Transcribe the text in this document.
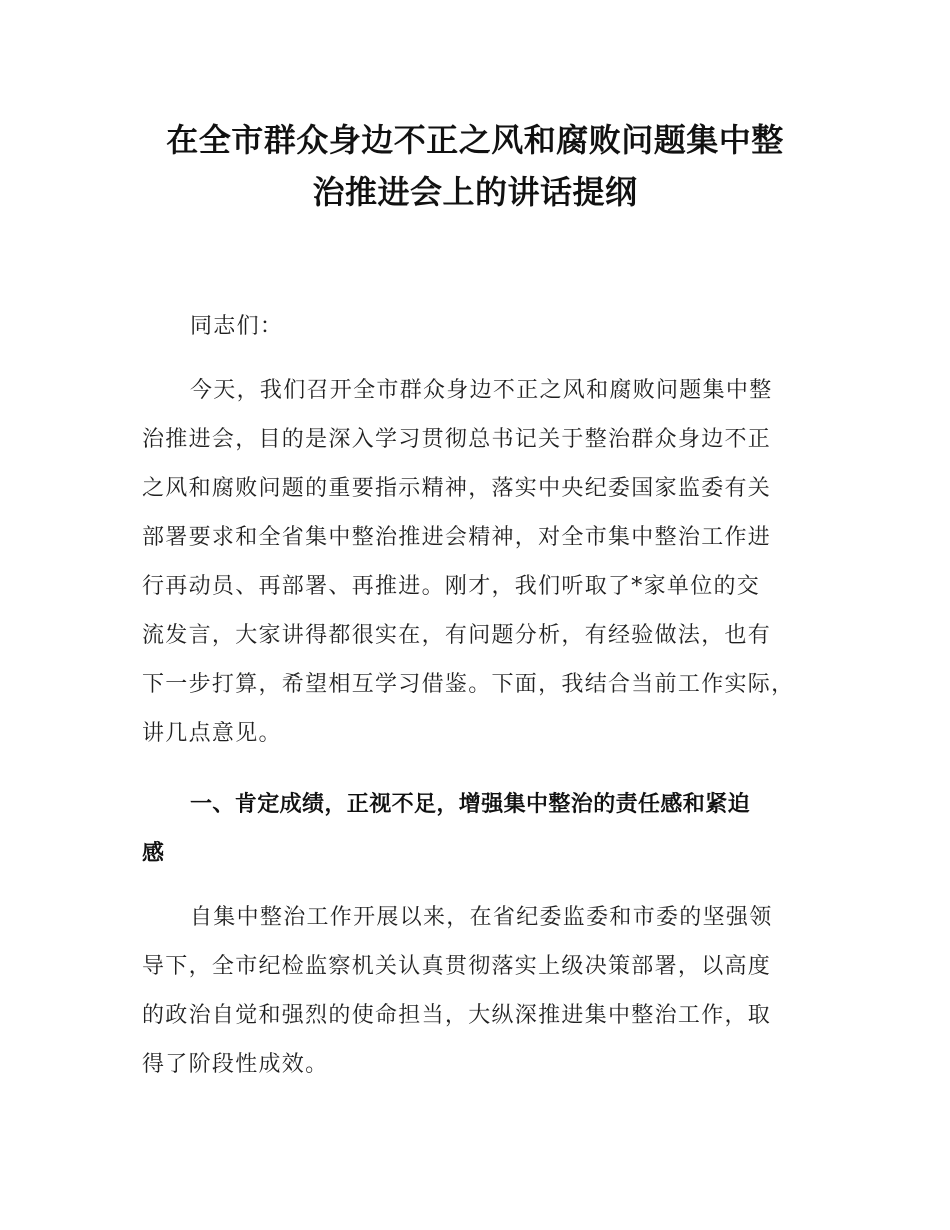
在全市群众身边不正之风和腐败问题集中整
治推进会上的讲话提纲

同志们：

今天，我们召开全市群众身边不正之风和腐败问题集中整
治推进会，目的是深入学习贯彻总书记关于整治群众身边不正
之风和腐败问题的重要指示精神，落实中央纪委国家监委有关
部署要求和全省集中整治推进会精神，对全市集中整治工作进
行再动员、再部署、再推进。刚才，我们听取了*家单位的交
流发言，大家讲得都很实在，有问题分析，有经验做法，也有
下一步打算，希望相互学习借鉴。下面，我结合当前工作实际，
讲几点意见。

一、肯定成绩，正视不足，增强集中整治的责任感和紧迫
感

自集中整治工作开展以来，在省纪委监委和市委的坚强领
导下，全市纪检监察机关认真贯彻落实上级决策部署，以高度
的政治自觉和强烈的使命担当，大纵深推进集中整治工作，取
得了阶段性成效。
